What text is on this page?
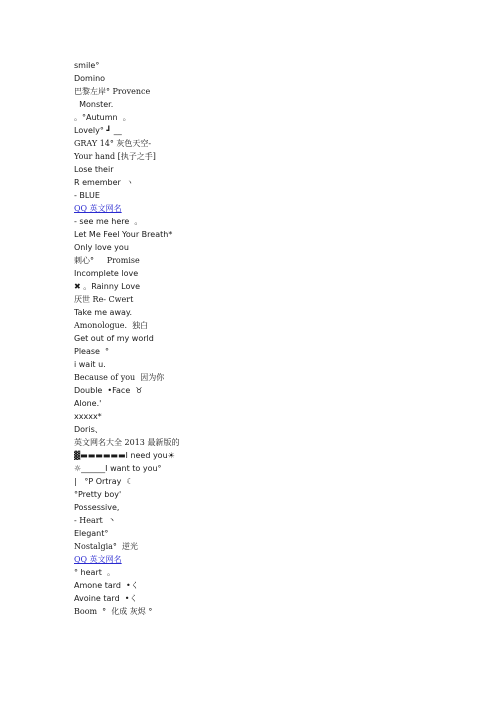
smile°
Domino
巴黎左岸° Provence
Monster.
。°Autumn  。
Lovely° ┛ __
GRAY 14° 灰色天空-
Your hand [执子之手]
Lose their
R emember  ヽ
- BLUE
QQ 英文网名
- see me here  。
Let Me Feel Your Breath*
Only love you
刺心°     Promise
Incomplete love
✖ 。Rainny Love
厌世 Re- Cwert
Take me away.
Amonologue.  独白
Get out of my world
Please  °
i wait u.
Because of you  因为你
Double  •Face  ♉
Alone.'
xxxxx*
Doris、
英文网名大全 2013 最新版的
▓▬▬▬▬▬▬I need you☀
☼______I want to you°
|   °P Ortray  ☾
°Pretty boy'
Possessive,
- Heart  丶
Elegant°
Nostalgia°  逆光
QQ 英文网名
° heart  。
Amone tard  •く
Avoine tard  •く
Boom  °  化成 灰烬 °
